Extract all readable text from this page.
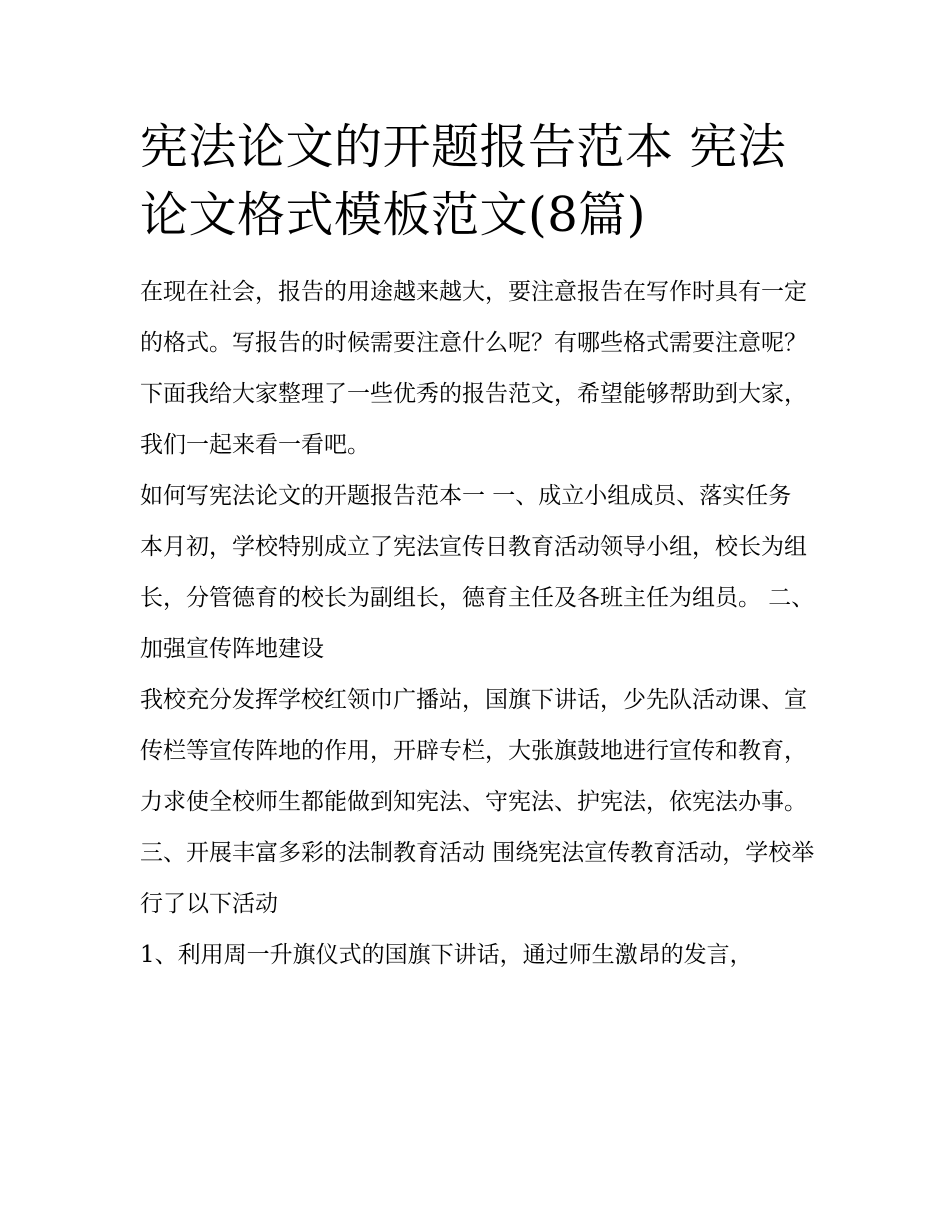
宪法论文的开题报告范本 宪法论文格式模板范文(8篇)

在现在社会，报告的用途越来越大，要注意报告在写作时具有一定的格式。写报告的时候需要注意什么呢？有哪些格式需要注意呢？下面我给大家整理了一些优秀的报告范文，希望能够帮助到大家，我们一起来看一看吧。

如何写宪法论文的开题报告范本一 一、成立小组成员、落实任务

本月初，学校特别成立了宪法宣传日教育活动领导小组，校长为组长，分管德育的校长为副组长，德育主任及各班主任为组员。 二、加强宣传阵地建设

我校充分发挥学校红领巾广播站，国旗下讲话，少先队活动课、宣传栏等宣传阵地的作用，开辟专栏，大张旗鼓地进行宣传和教育，力求使全校师生都能做到知宪法、守宪法、护宪法，依宪法办事。

三、开展丰富多彩的法制教育活动 围绕宪法宣传教育活动，学校举行了以下活动

1、利用周一升旗仪式的国旗下讲话，通过师生激昂的发言，
